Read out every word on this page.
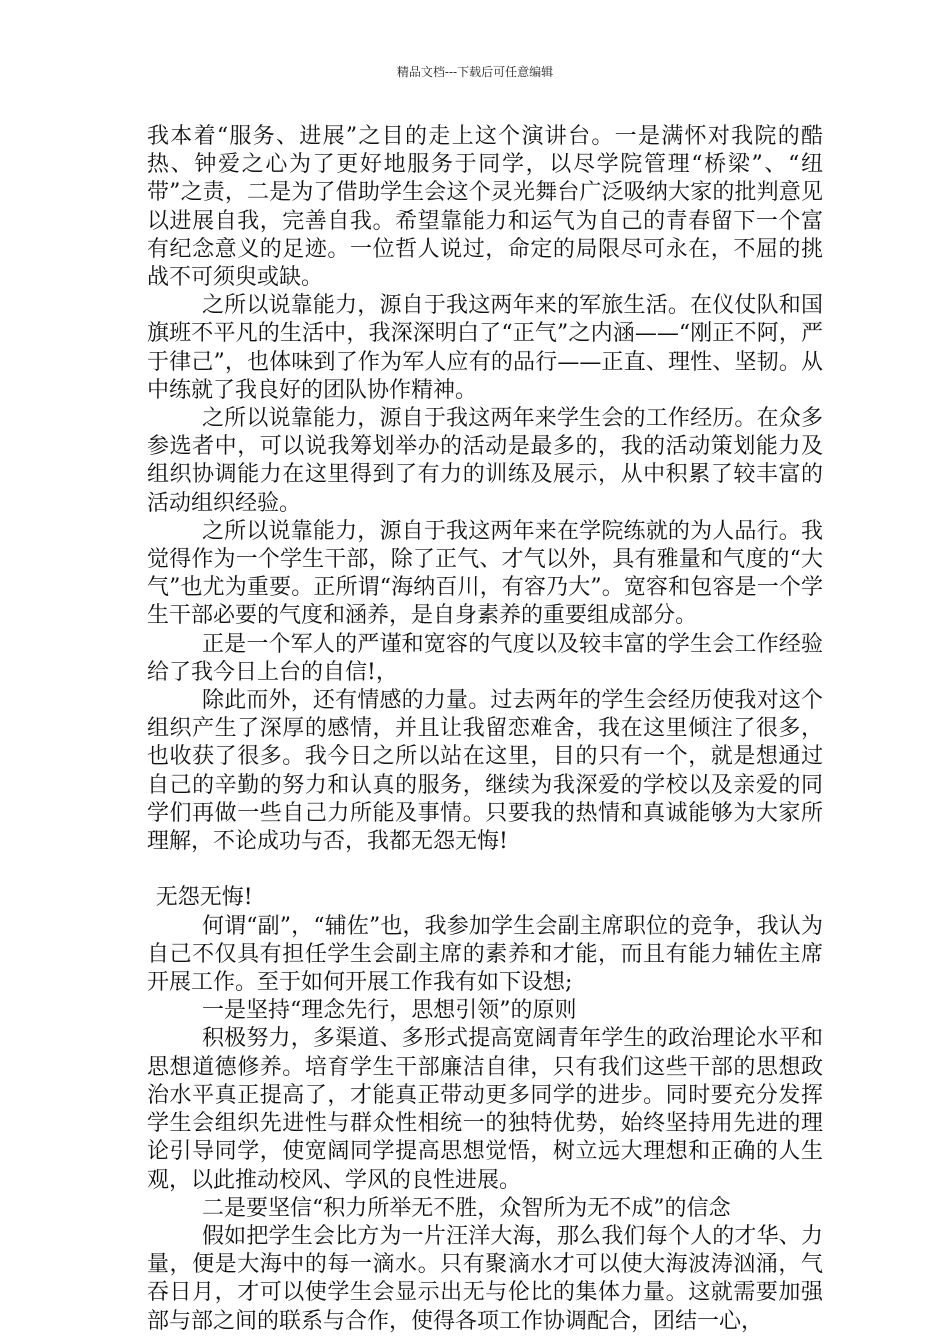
精品文档---下载后可任意编辑

我本着“服务、进展”之目的走上这个演讲台。一是满怀对我院的酷热、钟爱之心为了更好地服务于同学，以尽学院管理“桥梁”、“纽带”之责，二是为了借助学生会这个灵光舞台广泛吸纳大家的批判意见以进展自我，完善自我。希望靠能力和运气为自己的青春留下一个富有纪念意义的足迹。一位哲人说过，命定的局限尽可永在，不屈的挑战不可须臾或缺。

之所以说靠能力，源自于我这两年来的军旅生活。在仪仗队和国旗班不平凡的生活中，我深深明白了“正气”之内涵——“刚正不阿，严于律己”，也体味到了作为军人应有的品行——正直、理性、坚韧。从中练就了我良好的团队协作精神。

之所以说靠能力，源自于我这两年来学生会的工作经历。在众多参选者中，可以说我筹划举办的活动是最多的，我的活动策划能力及组织协调能力在这里得到了有力的训练及展示，从中积累了较丰富的活动组织经验。

之所以说靠能力，源自于我这两年来在学院练就的为人品行。我觉得作为一个学生干部，除了正气、才气以外，具有雅量和气度的“大气”也尤为重要。正所谓“海纳百川，有容乃大”。宽容和包容是一个学生干部必要的气度和涵养，是自身素养的重要组成部分。

正是一个军人的严谨和宽容的气度以及较丰富的学生会工作经验给了我今日上台的自信!，

除此而外，还有情感的力量。过去两年的学生会经历使我对这个组织产生了深厚的感情，并且让我留恋难舍，我在这里倾注了很多，也收获了很多。我今日之所以站在这里，目的只有一个，就是想通过自己的辛勤的努力和认真的服务，继续为我深爱的学校以及亲爱的同学们再做一些自己力所能及事情。只要我的热情和真诚能够为大家所理解，不论成功与否，我都无怨无悔!

无怨无悔!

何谓“副”，“辅佐”也，我参加学生会副主席职位的竞争，我认为自己不仅具有担任学生会副主席的素养和才能，而且有能力辅佐主席开展工作。至于如何开展工作我有如下设想;

一是坚持“理念先行，思想引领”的原则

积极努力，多渠道、多形式提高宽阔青年学生的政治理论水平和思想道德修养。培育学生干部廉洁自律，只有我们这些干部的思想政治水平真正提高了，才能真正带动更多同学的进步。同时要充分发挥学生会组织先进性与群众性相统一的独特优势，始终坚持用先进的理论引导同学，使宽阔同学提高思想觉悟，树立远大理想和正确的人生观，以此推动校风、学风的良性进展。

二是要坚信“积力所举无不胜，众智所为无不成”的信念

假如把学生会比方为一片汪洋大海，那么我们每个人的才华、力量，便是大海中的每一滴水。只有聚滴水才可以使大海波涛汹涌，气吞日月，才可以使学生会显示出无与伦比的集体力量。这就需要加强部与部之间的联系与合作，使得各项工作协调配合，团结一心，
